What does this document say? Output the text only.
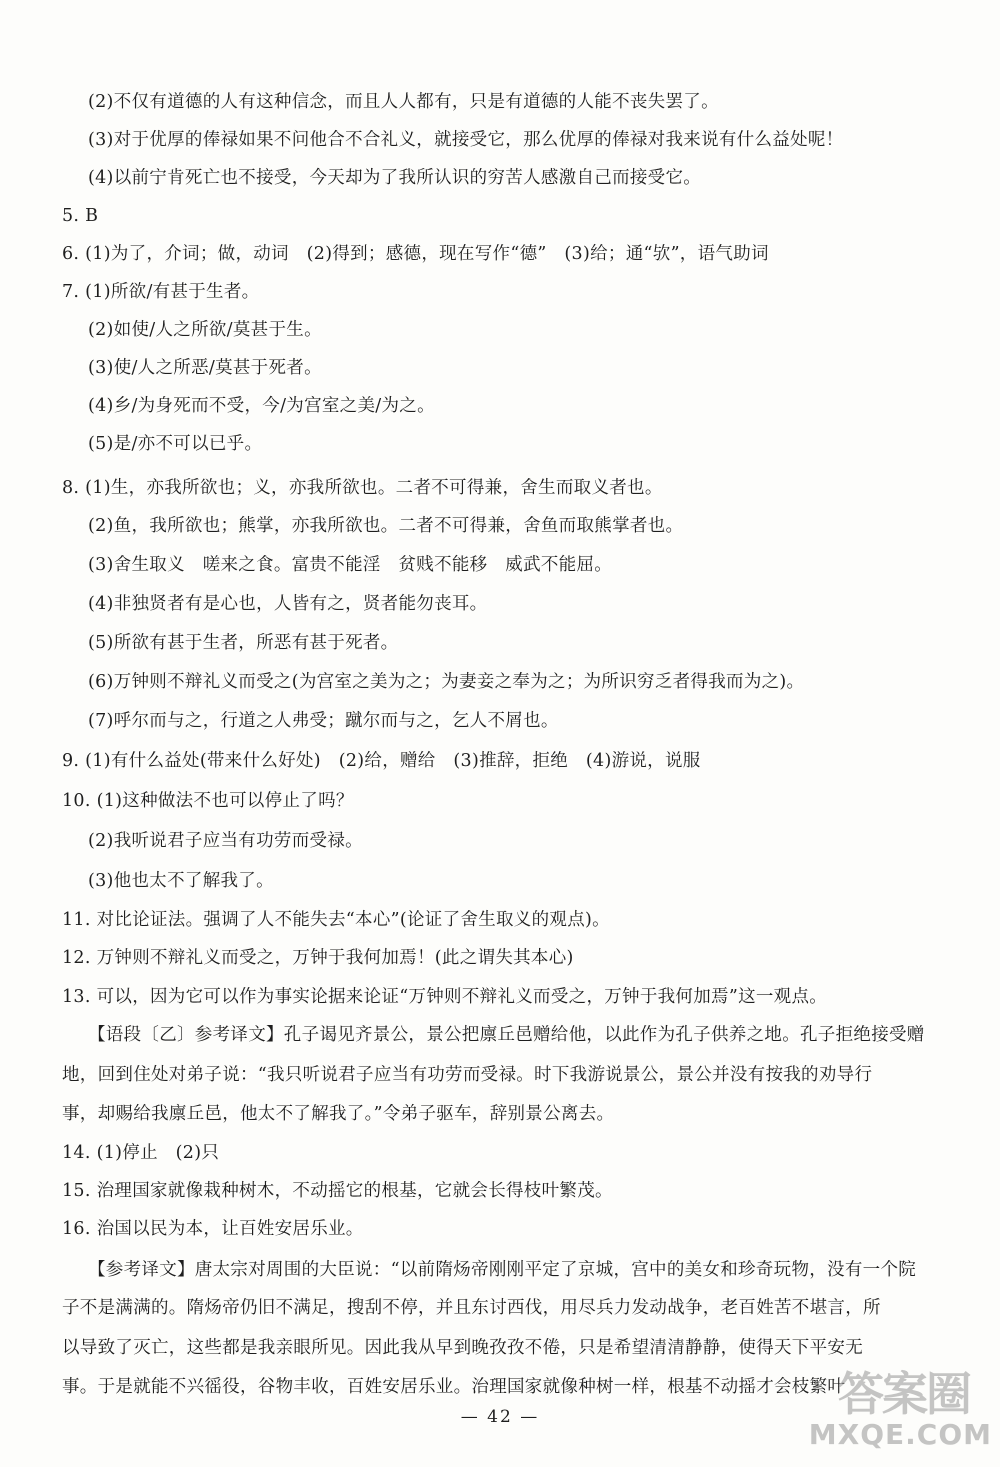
(2)不仅有道德的人有这种信念，而且人人都有，只是有道德的人能不丧失罢了。
(3)对于优厚的俸禄如果不问他合不合礼义，就接受它，那么优厚的俸禄对我来说有什么益处呢！
(4)以前宁肯死亡也不接受，今天却为了我所认识的穷苦人感激自己而接受它。
5. B
6. (1)为了，介词；做，动词　(2)得到；感德，现在写作“德”　(3)给；通“欤”，语气助词
7. (1)所欲/有甚于生者。
(2)如使/人之所欲/莫甚于生。
(3)使/人之所恶/莫甚于死者。
(4)乡/为身死而不受，今/为宫室之美/为之。
(5)是/亦不可以已乎。
8. (1)生，亦我所欲也；义，亦我所欲也。二者不可得兼，舍生而取义者也。
(2)鱼，我所欲也；熊掌，亦我所欲也。二者不可得兼，舍鱼而取熊掌者也。
(3)舍生取义　嗟来之食。富贵不能淫　贫贱不能移　威武不能屈。
(4)非独贤者有是心也，人皆有之，贤者能勿丧耳。
(5)所欲有甚于生者，所恶有甚于死者。
(6)万钟则不辩礼义而受之(为宫室之美为之；为妻妾之奉为之；为所识穷乏者得我而为之)。
(7)呼尔而与之，行道之人弗受；蹴尔而与之，乞人不屑也。
9. (1)有什么益处(带来什么好处)　(2)给，赠给　(3)推辞，拒绝　(4)游说，说服
10. (1)这种做法不也可以停止了吗？
(2)我听说君子应当有功劳而受禄。
(3)他也太不了解我了。
11. 对比论证法。强调了人不能失去“本心”(论证了舍生取义的观点)。
12. 万钟则不辩礼义而受之，万钟于我何加焉！(此之谓失其本心)
13. 可以，因为它可以作为事实论据来论证“万钟则不辩礼义而受之，万钟于我何加焉”这一观点。
【语段〔乙〕参考译文】孔子谒见齐景公，景公把廪丘邑赠给他，以此作为孔子供养之地。孔子拒绝接受赠
地，回到住处对弟子说：“我只听说君子应当有功劳而受禄。时下我游说景公，景公并没有按我的劝导行
事，却赐给我廪丘邑，他太不了解我了。”令弟子驱车，辞别景公离去。
14. (1)停止　(2)只
15. 治理国家就像栽种树木，不动摇它的根基，它就会长得枝叶繁茂。
16. 治国以民为本，让百姓安居乐业。
【参考译文】唐太宗对周围的大臣说：“以前隋炀帝刚刚平定了京城，宫中的美女和珍奇玩物，没有一个院
子不是满满的。隋炀帝仍旧不满足，搜刮不停，并且东讨西伐，用尽兵力发动战争，老百姓苦不堪言，所
以导致了灭亡，这些都是我亲眼所见。因此我从早到晚孜孜不倦，只是希望清清静静，使得天下平安无
事。于是就能不兴徭役，谷物丰收，百姓安居乐业。治理国家就像种树一样，根基不动摇才会枝繁叶
— 42 —	答案圈
MXQE.COM
